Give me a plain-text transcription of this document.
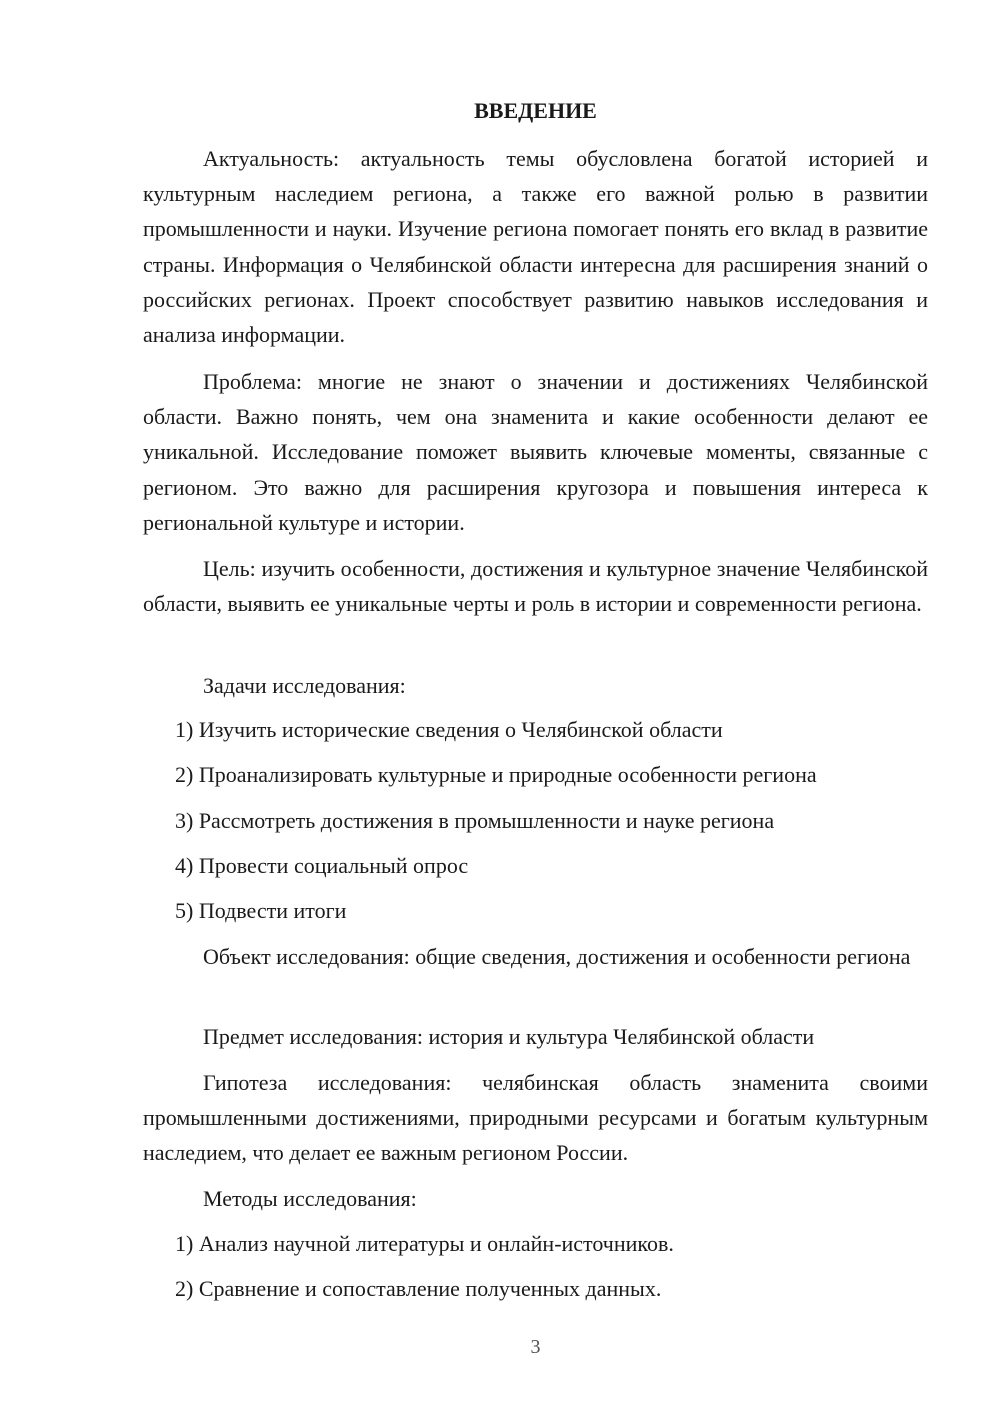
ВВЕДЕНИЕ
Актуальность: актуальность темы обусловлена богатой историей и культурным наследием региона, а также его важной ролью в развитии промышленности и науки. Изучение региона помогает понять его вклад в развитие страны. Информация о Челябинской области интересна для расширения знаний о российских регионах. Проект способствует развитию навыков исследования и анализа информации.
Проблема: многие не знают о значении и достижениях Челябинской области. Важно понять, чем она знаменита и какие особенности делают ее уникальной. Исследование поможет выявить ключевые моменты, связанные с регионом. Это важно для расширения кругозора и повышения интереса к региональной культуре и истории.
Цель: изучить особенности, достижения и культурное значение Челябинской области, выявить ее уникальные черты и роль в истории и современности региона.
Задачи исследования:
1) Изучить исторические сведения о Челябинской области
2) Проанализировать культурные и природные особенности региона
3) Рассмотреть достижения в промышленности и науке региона
4) Провести социальный опрос
5) Подвести итоги
Объект исследования: общие сведения, достижения и особенности региона
Предмет исследования: история и культура Челябинской области
Гипотеза исследования: челябинская область знаменита своими промышленными достижениями, природными ресурсами и богатым культурным наследием, что делает ее важным регионом России.
Методы исследования:
1) Анализ научной литературы и онлайн-источников.
2) Сравнение и сопоставление полученных данных.
3
